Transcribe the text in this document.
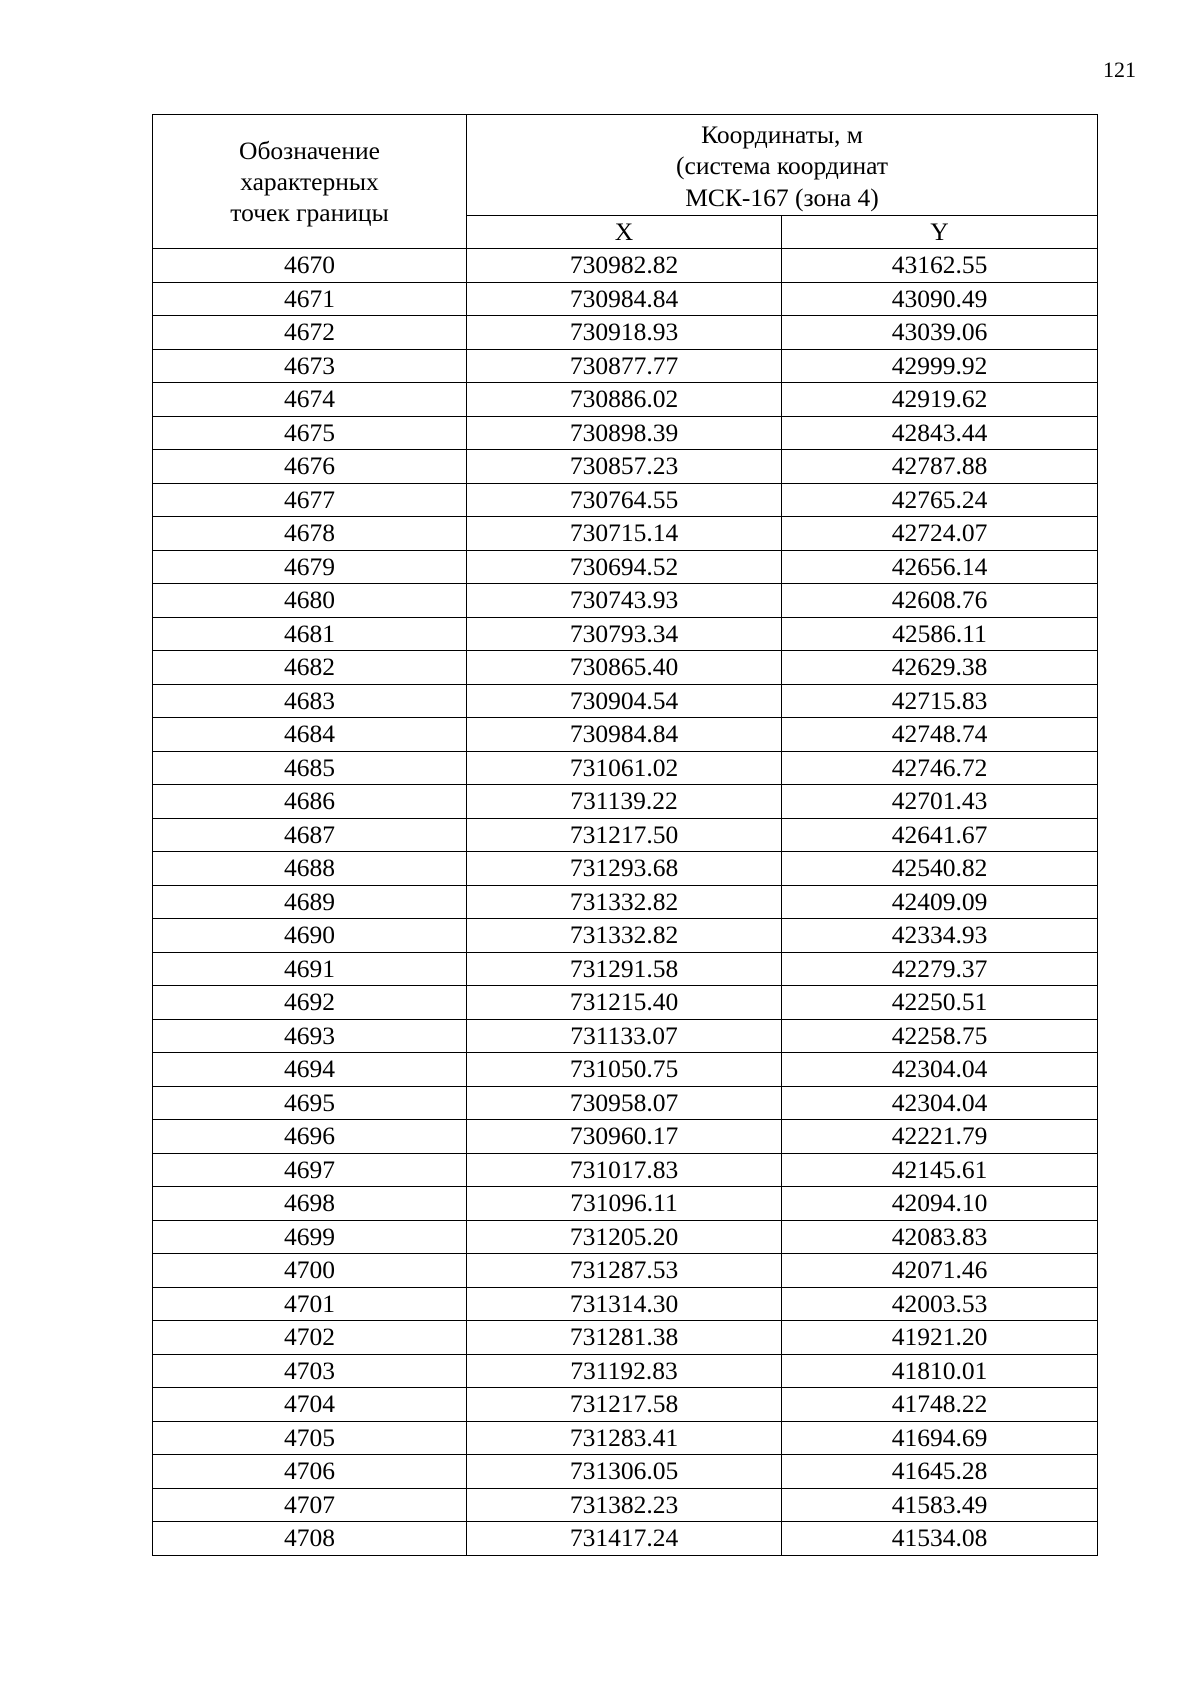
121
Обозначение
характерных
точек границы	Координаты, м
(система координат
МСК-167 (зона 4)	

	X	Y
4670	730982.82	43162.55
4671	730984.84	43090.49
4672	730918.93	43039.06
4673	730877.77	42999.92
4674	730886.02	42919.62
4675	730898.39	42843.44
4676	730857.23	42787.88
4677	730764.55	42765.24
4678	730715.14	42724.07
4679	730694.52	42656.14
4680	730743.93	42608.76
4681	730793.34	42586.11
4682	730865.40	42629.38
4683	730904.54	42715.83
4684	730984.84	42748.74
4685	731061.02	42746.72
4686	731139.22	42701.43
4687	731217.50	42641.67
4688	731293.68	42540.82
4689	731332.82	42409.09
4690	731332.82	42334.93
4691	731291.58	42279.37
4692	731215.40	42250.51
4693	731133.07	42258.75
4694	731050.75	42304.04
4695	730958.07	42304.04
4696	730960.17	42221.79
4697	731017.83	42145.61
4698	731096.11	42094.10
4699	731205.20	42083.83
4700	731287.53	42071.46
4701	731314.30	42003.53
4702	731281.38	41921.20
4703	731192.83	41810.01
4704	731217.58	41748.22
4705	731283.41	41694.69
4706	731306.05	41645.28
4707	731382.23	41583.49
4708	731417.24	41534.08
